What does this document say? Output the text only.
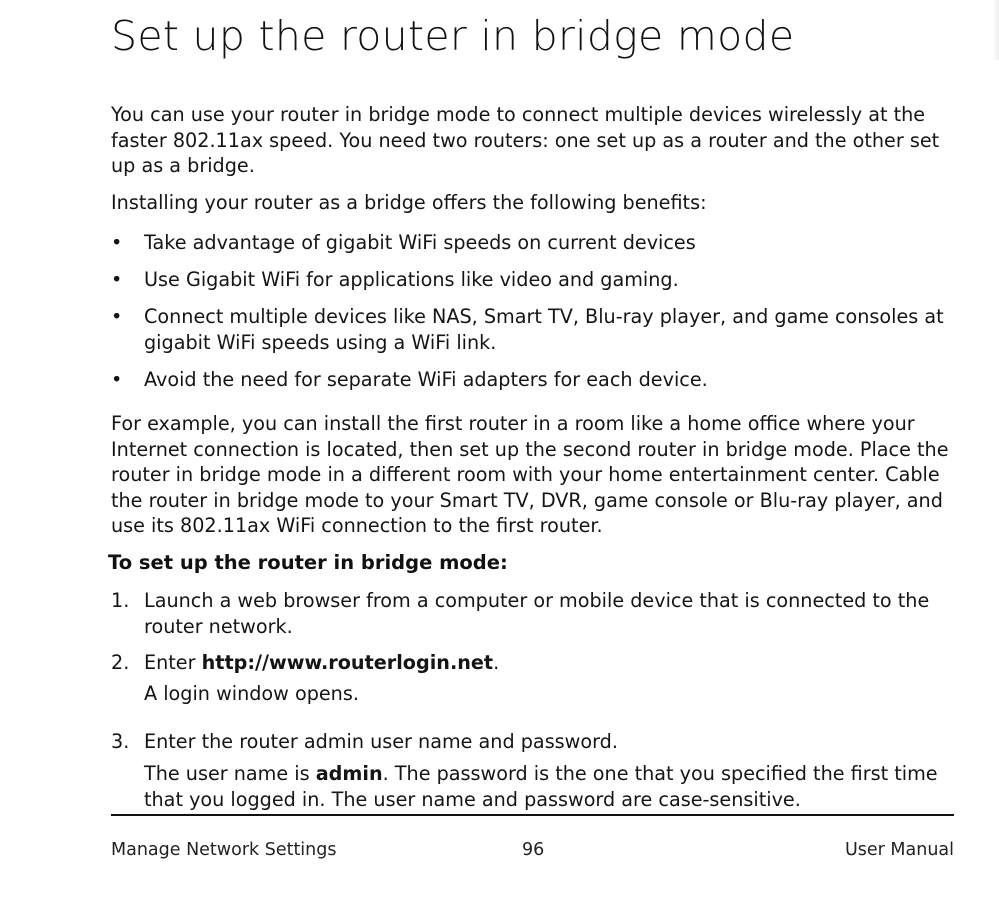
Set up the router in bridge mode
You can use your router in bridge mode to connect multiple devices wirelessly at the faster 802.11ax speed. You need two routers: one set up as a router and the other set up as a bridge.
Installing your router as a bridge offers the following benefits:
•	Take advantage of gigabit WiFi speeds on current devices
•	Use Gigabit WiFi for applications like video and gaming.
•	Connect multiple devices like NAS, Smart TV, Blu-ray player, and game consoles at gigabit WiFi speeds using a WiFi link.
•	Avoid the need for separate WiFi adapters for each device.
For example, you can install the first router in a room like a home office where your Internet connection is located, then set up the second router in bridge mode. Place the router in bridge mode in a different room with your home entertainment center. Cable the router in bridge mode to your Smart TV, DVR, game console or Blu-ray player, and use its 802.11ax WiFi connection to the first router.
To set up the router in bridge mode:
1. Launch a web browser from a computer or mobile device that is connected to the router network.
2. Enter http://www.routerlogin.net.
A login window opens.
3. Enter the router admin user name and password.
The user name is admin. The password is the one that you specified the first time that you logged in. The user name and password are case-sensitive.
Manage Network Settings	96	User Manual
